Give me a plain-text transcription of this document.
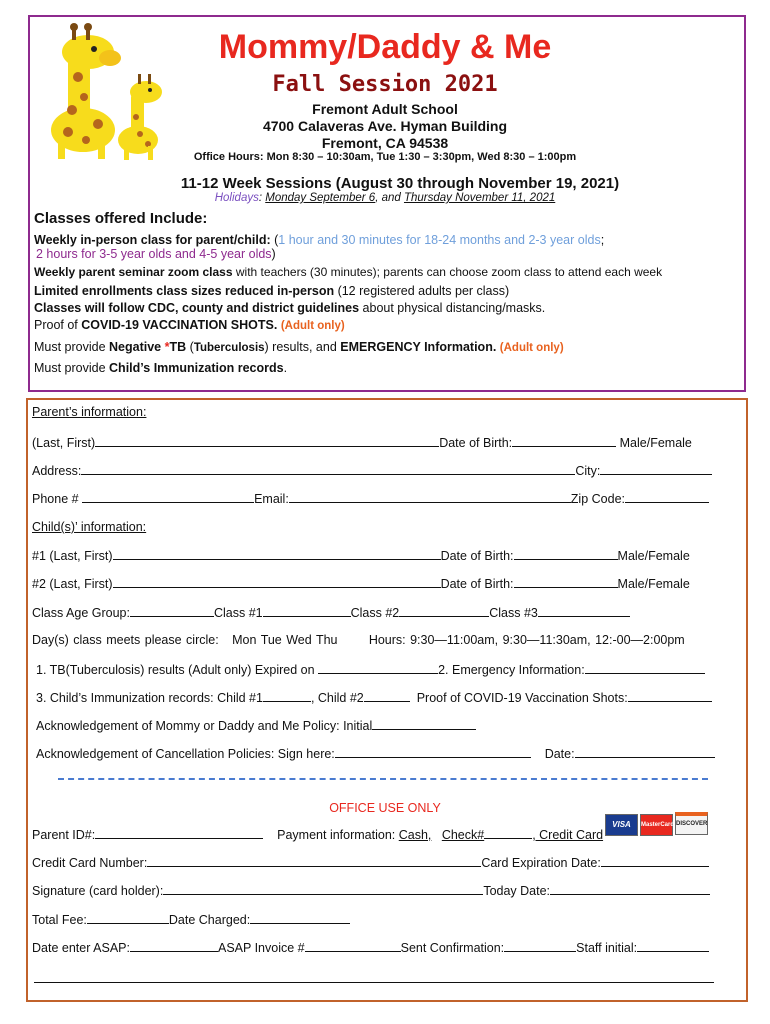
Mommy/Daddy & Me
Fall Session 2021
Fremont Adult School
4700 Calaveras Ave. Hyman Building
Fremont, CA 94538
Office Hours: Mon 8:30 – 10:30am, Tue 1:30 – 3:30pm, Wed 8:30 – 1:00pm
11-12 Week Sessions (August 30 through November 19, 2021)
Holidays: Monday September 6, and Thursday November 11, 2021
Classes offered Include:
Weekly in-person class for parent/child: (1 hour and 30 minutes for 18-24 months and 2-3 year olds;
2 hours for 3-5 year olds and 4-5 year olds)
Weekly parent seminar zoom class with teachers (30 minutes); parents can choose zoom class to attend each week
Limited enrollments class sizes reduced in-person (12 registered adults per class)
Classes will follow CDC, county and district guidelines about physical distancing/masks.
Proof of COVID-19 VACCINATION SHOTS. (Adult only)
Must provide Negative *TB (Tuberculosis) results, and EMERGENCY Information. (Adult only)
Must provide Child’s Immunization records.
Parent’s information:
(Last, First)	Date of Birth:	Male/Female
Address:	City:
Phone #	Email:	Zip Code:
Child(s)’ information:
#1 (Last, First)	Date of Birth:	Male/Female
#2 (Last, First)	Date of Birth:	Male/Female
Class Age Group:	Class #1	Class #2	Class #3
Day(s) class meets please circle: Mon Tue Wed Thu	Hours: 9:30—11:00am, 9:30—11:30am, 12:-00—2:00pm
1. TB(Tuberculosis) results (Adult only) Expired on	2. Emergency Information:
3. Child’s Immunization records: Child #1	, Child #2	Proof of COVID-19 Vaccination Shots:
Acknowledgement of Mommy or Daddy and Me Policy: Initial
Acknowledgement of Cancellation Policies: Sign here:	Date:
OFFICE USE ONLY
Parent ID#:	Payment information: Cash, Check#	, Credit Card
VISA	MasterCard DISCOVER
Credit Card Number:	Card Expiration Date:
Signature (card holder):	Today Date:
Total Fee:	Date Charged:
Date enter ASAP:	ASAP Invoice #	Sent Confirmation:	Staff initial:
